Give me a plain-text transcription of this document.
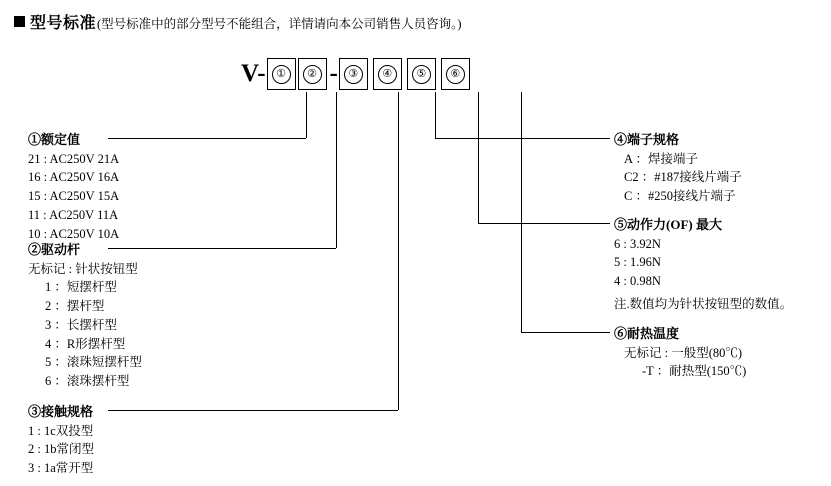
型号标准 (型号标准中的部分型号不能组合，详情请向本公司销售人员咨询。)
V- ①	② - ③	④	⑤	⑥
①额定值
21 : AC250V 21A
16 : AC250V 16A
15 : AC250V 15A
11 : AC250V 11A
10 : AC250V 10A
②驱动杆
无标记 : 针状按钮型
1 ：短摆杆型
2 ：摆杆型
3 ：长摆杆型
4 ：R形摆杆型
5 ：滚珠短摆杆型
6 ：滚珠摆杆型
③接触规格
1 : 1c双投型
2 : 1b常闭型
3 : 1a常开型
④端子规格
A ：焊接端子
C2 ：#187接线片端子
C ：#250接线片端子
⑤动作力(OF) 最大
6 : 3.92N
5 : 1.96N
4 : 0.98N
注.数值均为针状按钮型的数值。
⑥耐热温度
无标记 : 一般型(80℃)
-T ：耐热型(150℃)
